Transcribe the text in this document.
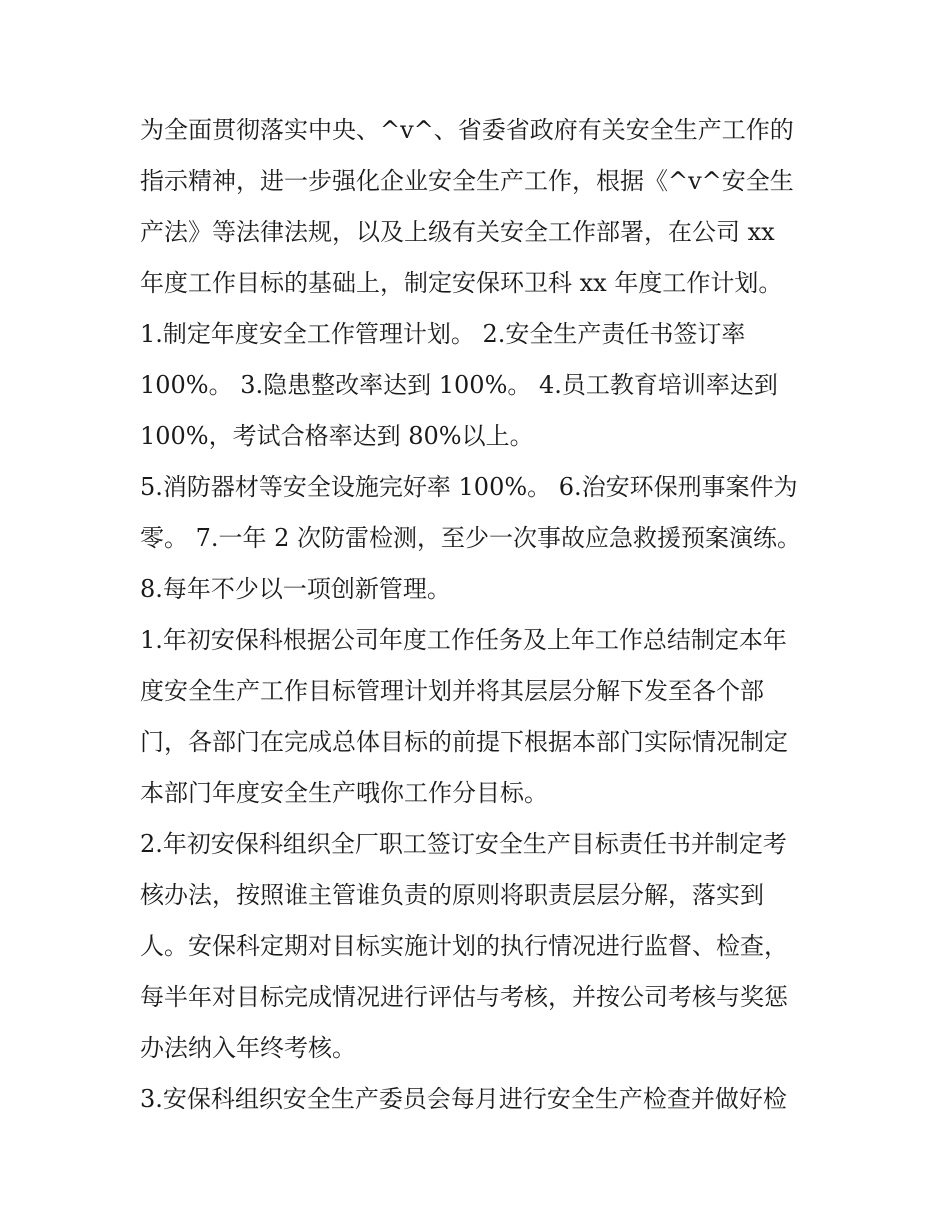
为全面贯彻落实中央、^v^、省委省政府有关安全生产工作的
指示精神，进一步强化企业安全生产工作，根据《^v^安全生
产法》等法律法规，以及上级有关安全工作部署，在公司 xx
年度工作目标的基础上，制定安保环卫科 xx 年度工作计划。
1.制定年度安全工作管理计划。 2.安全生产责任书签订率
100%。 3.隐患整改率达到 100%。 4.员工教育培训率达到
100%，考试合格率达到 80%以上。
5.消防器材等安全设施完好率 100%。 6.治安环保刑事案件为
零。 7.一年 2 次防雷检测，至少一次事故应急救援预案演练。
8.每年不少以一项创新管理。
1.年初安保科根据公司年度工作任务及上年工作总结制定本年
度安全生产工作目标管理计划并将其层层分解下发至各个部
门，各部门在完成总体目标的前提下根据本部门实际情况制定
本部门年度安全生产哦你工作分目标。
2.年初安保科组织全厂职工签订安全生产目标责任书并制定考
核办法，按照谁主管谁负责的原则将职责层层分解，落实到
人。安保科定期对目标实施计划的执行情况进行监督、检查，
每半年对目标完成情况进行评估与考核，并按公司考核与奖惩
办法纳入年终考核。
3.安保科组织安全生产委员会每月进行安全生产检查并做好检
